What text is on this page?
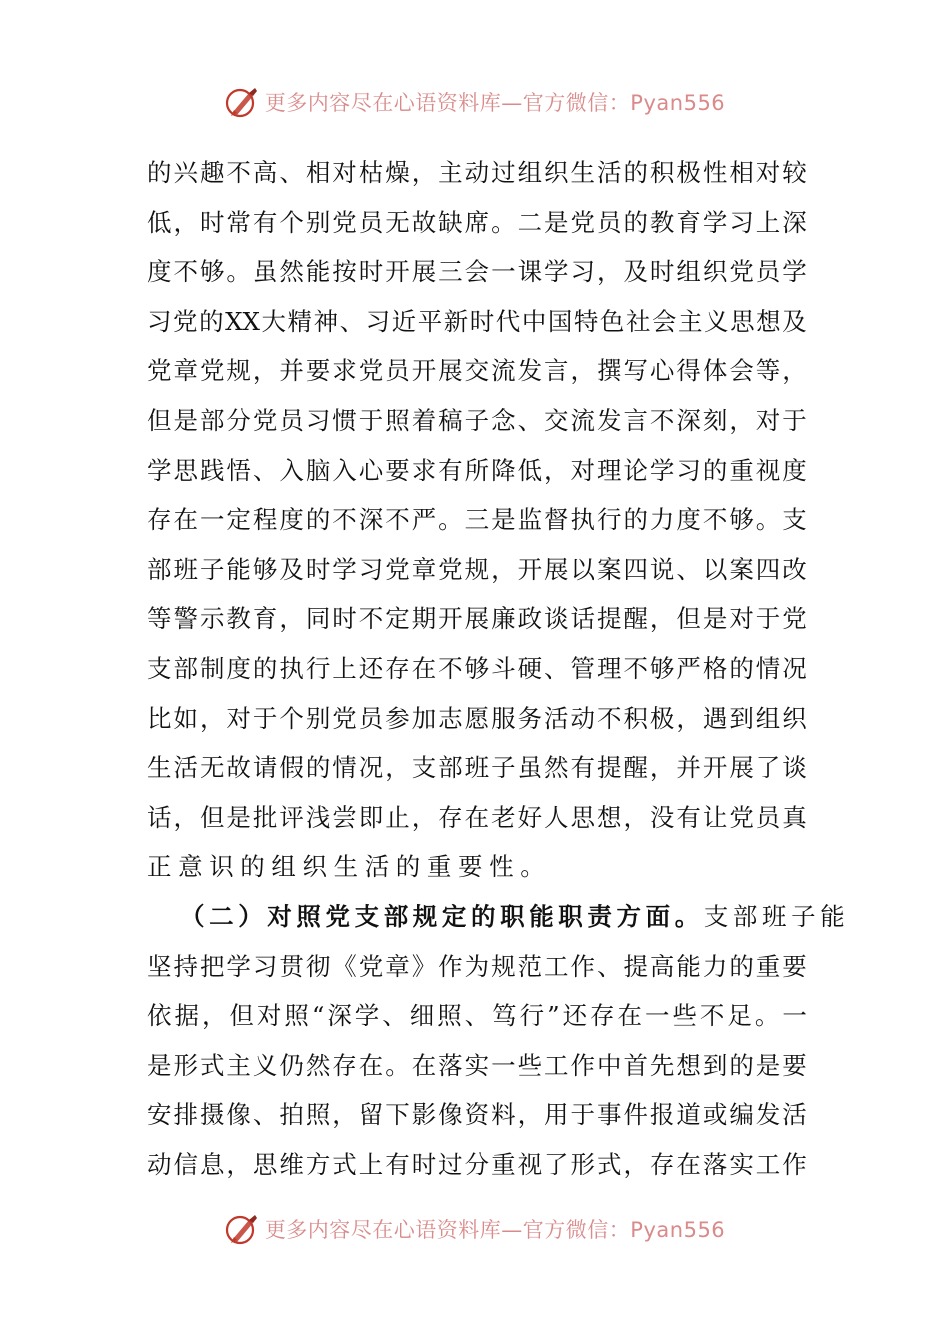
更多内容尽在心语资料库—官方微信：Pyan556
的 兴 趣 不 高 、 相 对 枯 燥 ， 主 动 过 组 织 生 活 的 积 极 性 相 对 较
低 ， 时 常 有 个 别 党 员 无 故 缺 席 。 二 是 党 员 的 教 育 学 习 上 深
度 不 够 。 虽 然 能 按 时 开 展 三 会 一 课 学 习 ， 及 时 组 织 党 员 学
习 党 的 XX 大 精 神 、 习 近 平 新 时 代 中 国 特 色 社 会 主 义 思 想 及
党 章 党 规 ， 并 要 求 党 员 开 展 交 流 发 言 ， 撰 写 心 得 体 会 等 ，
但 是 部 分 党 员 习 惯 于 照 着 稿 子 念 、 交 流 发 言 不 深 刻 ， 对 于
学 思 践 悟 、 入 脑 入 心 要 求 有 所 降 低 ， 对 理 论 学 习 的 重 视 度
存 在 一 定 程 度 的 不 深 不 严 。 三 是 监 督 执 行 的 力 度 不 够 。 支
部 班 子 能 够 及 时 学 习 党 章 党 规 ， 开 展 以 案 四 说 、 以 案 四 改
等 警 示 教 育 ， 同 时 不 定 期 开 展 廉 政 谈 话 提 醒 ， 但 是 对 于 党
支 部 制 度 的 执 行 上 还 存 在 不 够 斗 硬 、 管 理 不 够 严 格 的 情 况
比 如 ， 对 于 个 别 党 员 参 加 志 愿 服 务 活 动 不 积 极 ， 遇 到 组 织
生 活 无 故 请 假 的 情 况 ， 支 部 班 子 虽 然 有 提 醒 ， 并 开 展 了 谈
话 ， 但 是 批 评 浅 尝 即 止 ， 存 在 老 好 人 思 想 ， 没 有 让 党 员 真
正意识的组织生活的重要性。
（二）对照党支部规定的职能职责方面。 支部班子能
坚 持 把 学 习 贯 彻 《 党 章 》 作 为 规 范 工 作 、 提 高 能 力 的 重 要
依 据 ， 但 对 照 “ 深 学 、 细 照 、 笃 行 ” 还 存 在 一 些 不 足 。 一
是 形 式 主 义 仍 然 存 在 。 在 落 实 一 些 工 作 中 首 先 想 到 的 是 要
安 排 摄 像 、 拍 照 ， 留 下 影 像 资 料 ， 用 于 事 件 报 道 或 编 发 活
动 信 息 ， 思 维 方 式 上 有 时 过 分 重 视 了 形 式 ， 存 在 落 实 工 作
更多内容尽在心语资料库—官方微信：Pyan556
